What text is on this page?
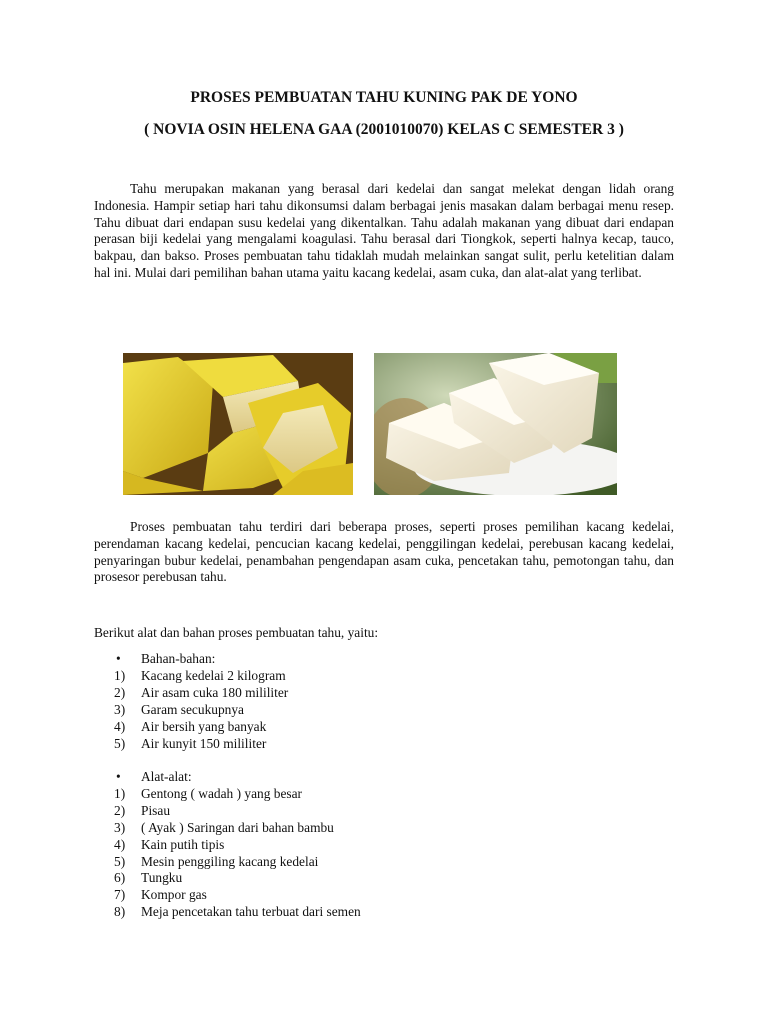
PROSES PEMBUATAN TAHU KUNING PAK DE YONO
( NOVIA OSIN HELENA GAA (2001010070) KELAS C SEMESTER 3 )

Tahu merupakan makanan yang berasal dari kedelai dan sangat melekat dengan lidah orang Indonesia. Hampir setiap hari tahu dikonsumsi dalam berbagai jenis masakan dalam berbagai menu resep. Tahu dibuat dari endapan susu kedelai yang dikentalkan. Tahu adalah makanan yang dibuat dari endapan perasan biji kedelai yang mengalami koagulasi. Tahu berasal dari Tiongkok, seperti halnya kecap, tauco, bakpau, dan bakso. Proses pembuatan tahu tidaklah mudah melainkan sangat sulit, perlu ketelitian dalam hal ini. Mulai dari pemilihan bahan utama yaitu kacang kedelai, asam cuka, dan alat-alat yang terlibat.

Proses pembuatan tahu terdiri dari beberapa proses, seperti proses pemilihan kacang kedelai, perendaman kacang kedelai, pencucian kacang kedelai, penggilingan kedelai, perebusan kacang kedelai, penyaringan bubur kedelai, penambahan pengendapan asam cuka, pencetakan tahu, pemotongan tahu, dan prosesor perebusan tahu.

Berikut alat dan bahan proses pembuatan tahu, yaitu:

• Bahan-bahan:
1) Kacang kedelai 2 kilogram
2) Air asam cuka 180 mililiter
3) Garam secukupnya
4) Air bersih yang banyak
5) Air kunyit 150 mililiter
• Alat-alat:
1) Gentong ( wadah ) yang besar
2) Pisau
3) ( Ayak ) Saringan dari bahan bambu
4) Kain putih tipis
5) Mesin penggiling kacang kedelai
6) Tungku
7) Kompor gas
8) Meja pencetakan tahu terbuat dari semen
